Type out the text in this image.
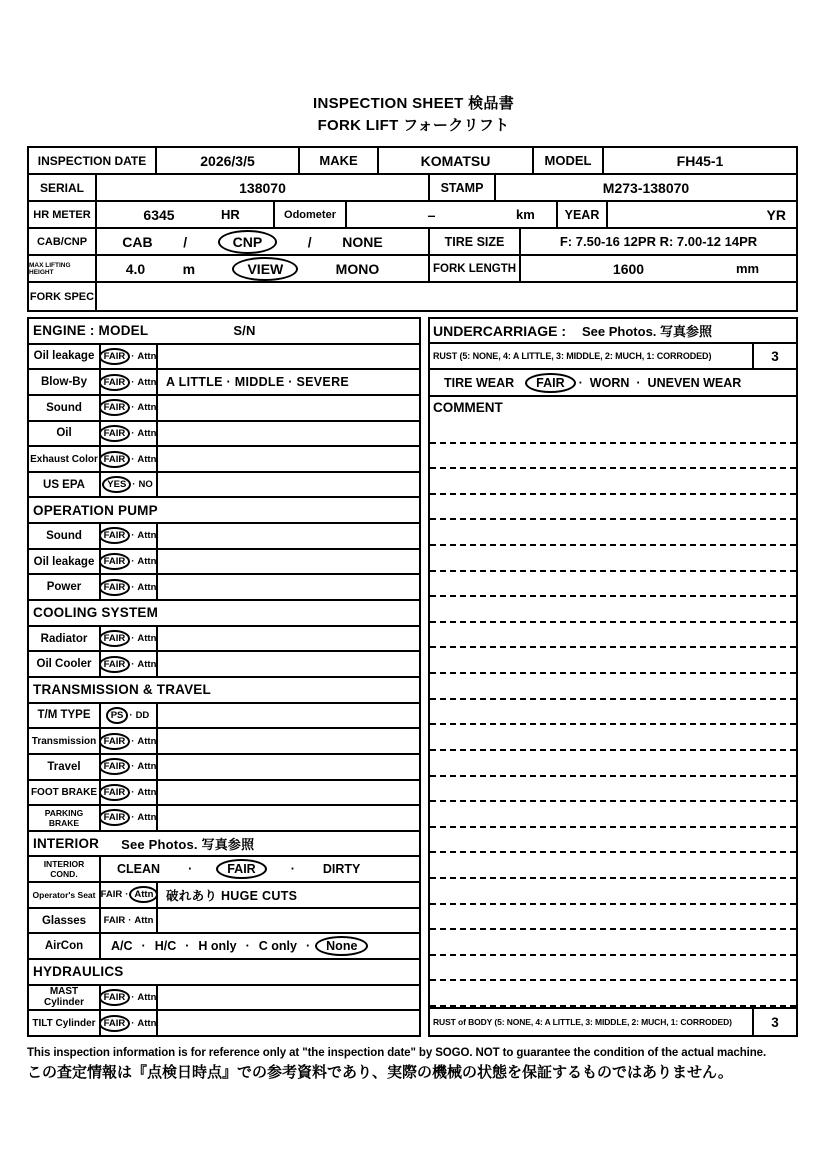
INSPECTION SHEET 検品書
FORK LIFT フォークリフト
INSPECTION DATE	2026/3/5	MAKE	KOMATSU	MODEL	FH45-1
SERIAL	138070	STAMP	M273-138070
HR METER	6345	HR	Odometer	–	km	YEAR	YR
CAB/CNP	CAB /	CNP	/ NONE	TIRE SIZE	F: 7.50-16 12PR R: 7.00-12 14PR
MAX LIFTING HEIGHT	4.0	m	VIEW	MONO	FORK LENGTH	1600	mm
FORK SPEC
ENGINE : MODEL	S/N
Oil leakage FAIR · Attn
Blow-By	FAIR · Attn A LITTLE · MIDDLE · SEVERE
Sound	FAIR · Attn
Oil	FAIR · Attn
Exhaust Color FAIR · Attn
US EPA	YES · NO
OPERATION PUMP
Sound	FAIR · Attn
Oil leakage FAIR · Attn
Power	FAIR · Attn
COOLING SYSTEM
Radiator	FAIR · Attn
Oil Cooler	FAIR · Attn
TRANSMISSION & TRAVEL
T/M TYPE	PS · DD
Transmission FAIR · Attn
Travel	FAIR · Attn
FOOT BRAKE FAIR · Attn
PARKING BRAKE	FAIR · Attn
INTERIOR See Photos. 写真参照
INTERIOR COND.	CLEAN ·	FAIR	· DIRTY
Operator's Seat FAIR · Attn	破れあり HUGE CUTS
Glasses	FAIR · Attn
AirCon	A/C · H/C · H only · C only ·	None
HYDRAULICS
MAST Cylinder	FAIR · Attn
TILT Cylinder FAIR · Attn
UNDERCARRIAGE : See Photos. 写真参照
RUST (5: NONE, 4: A LITTLE, 3: MIDDLE, 2: MUCH, 1: CORRODED)	3
TIRE WEAR	FAIR	· WORN · UNEVEN WEAR
COMMENT
RUST of BODY (5: NONE, 4: A LITTLE, 3: MIDDLE, 2: MUCH, 1: CORRODED)	3
This inspection information is for reference only at "the inspection date" by SOGO. NOT to guarantee the condition of the actual machine.
この査定情報は『点検日時点』での参考資料であり、実際の機械の状態を保証するものではありません。
